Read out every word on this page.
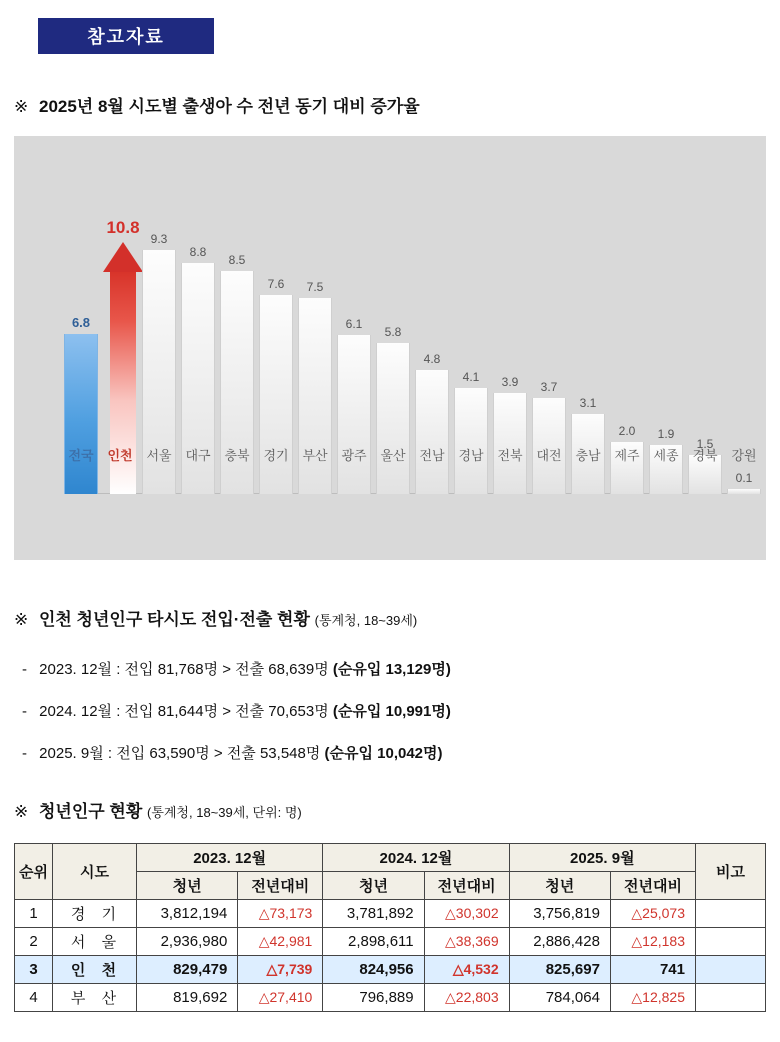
참고자료
※ 2025년 8월 시도별 출생아 수 전년 동기 대비 증가율
6.8
전국
10.8
인천
9.3
서울
8.8
대구
8.5
충북
7.6
경기
7.5
부산
6.1
광주
5.8
울산
4.8
전남
4.1
경남
3.9
전북
3.7
대전
3.1
충남
2.0
제주
1.9
세종
1.5
경북
0.1
강원
※ 인천 청년인구 타시도 전입·전출 현황 (통계청, 18~39세)
- 2023. 12월 : 전입 81,768명 > 전출 68,639명 (순유입 13,129명)
- 2024. 12월 : 전입 81,644명 > 전출 70,653명 (순유입 10,991명)
- 2025. 9월 : 전입 63,590명 > 전출 53,548명 (순유입 10,042명)
※ 청년인구 현황 (통계청, 18~39세, 단위: 명)
순위	시도	2023. 12월		2024. 12월		2025. 9월		비고
		청년	전년대비	청년	전년대비	청년	전년대비	
1	경 기	3,812,194	△73,173	3,781,892	△30,302	3,756,819	△25,073	
2	서 울	2,936,980	△42,981	2,898,611	△38,369	2,886,428	△12,183	
3	인 천	829,479	△7,739	824,956	△4,532	825,697	741	
4	부 산	819,692	△27,410	796,889	△22,803	784,064	△12,825	
